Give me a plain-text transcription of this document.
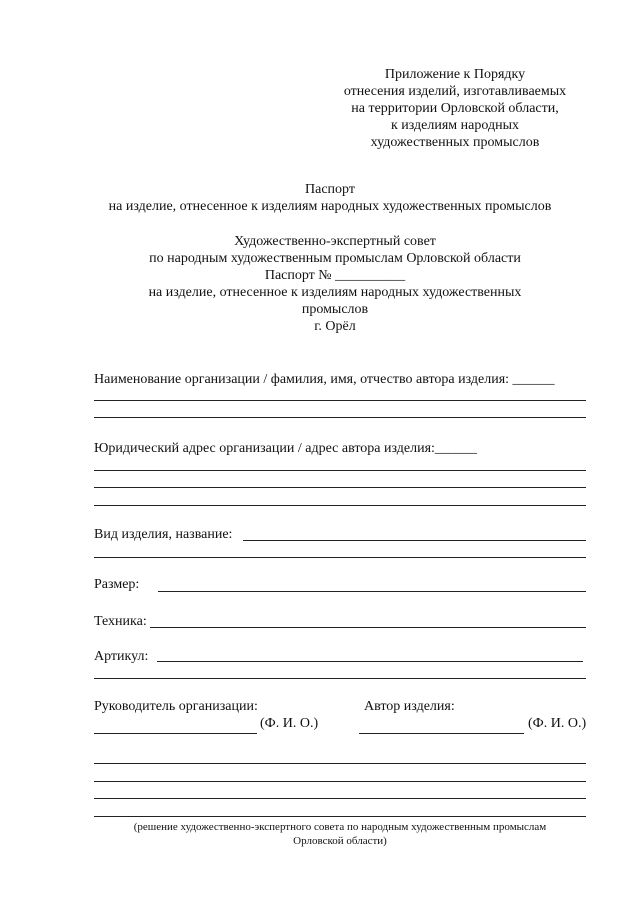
Приложение к Порядку
отнесения изделий, изготавливаемых
на территории Орловской области,
к изделиям народных
художественных промыслов
Паспорт
на изделие, отнесенное к изделиям народных художественных промыслов
Художественно-экспертный совет
по народным художественным промыслам Орловской области
Паспорт № __________
на изделие, отнесенное к изделиям народных художественных
промыслов
г. Орёл
Наименование организации / фамилия, имя, отчество автора изделия: ______
Юридический адрес организации / адрес автора изделия:______
Вид изделия, название:
Размер:
Техника:
Артикул:
Руководитель организации:	Автор изделия:
(Ф. И. О.)	(Ф. И. О.)
(решение художественно-экспертного совета по народным художественным промыслам
Орловской области)
